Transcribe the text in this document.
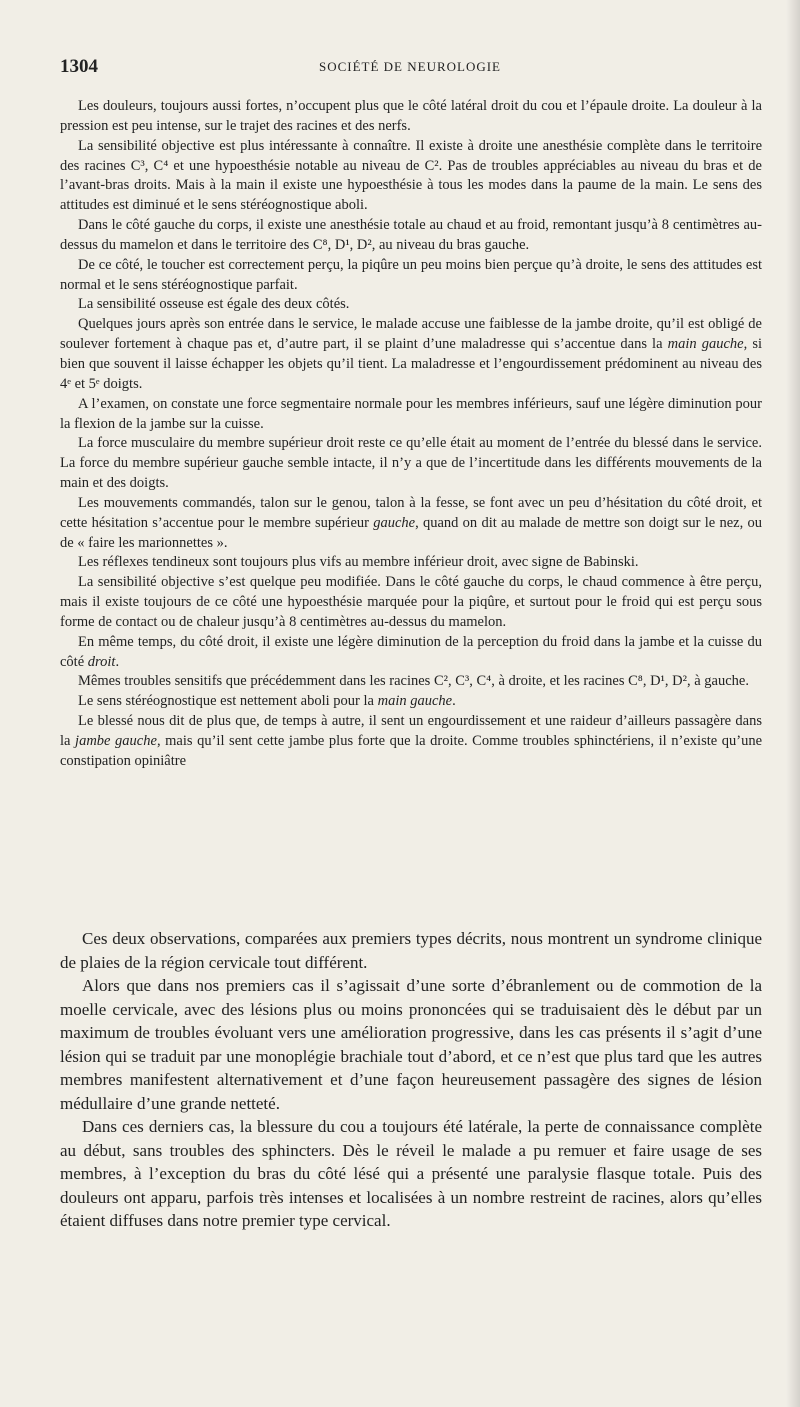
1304	SOCIÉTÉ DE NEUROLOGIE

Les douleurs, toujours aussi fortes, n’occupent plus que le côté latéral droit du cou et l’épaule droite. La douleur à la pression est peu intense, sur le trajet des racines et des nerfs.

La sensibilité objective est plus intéressante à connaître. Il existe à droite une anesthésie complète dans le territoire des racines C³, C⁴ et une hypoesthésie notable au niveau de C². Pas de troubles appréciables au niveau du bras et de l’avant-bras droits. Mais à la main il existe une hypoesthésie à tous les modes dans la paume de la main. Le sens des attitudes est diminué et le sens stéréognostique aboli.

Dans le côté gauche du corps, il existe une anesthésie totale au chaud et au froid, remontant jusqu’à 8 centimètres au-dessus du mamelon et dans le territoire des C⁸, D¹, D², au niveau du bras gauche.

De ce côté, le toucher est correctement perçu, la piqûre un peu moins bien perçue qu’à droite, le sens des attitudes est normal et le sens stéréognostique parfait.

La sensibilité osseuse est égale des deux côtés.

Quelques jours après son entrée dans le service, le malade accuse une faiblesse de la jambe droite, qu’il est obligé de soulever fortement à chaque pas et, d’autre part, il se plaint d’une maladresse qui s’accentue dans la main gauche, si bien que souvent il laisse échapper les objets qu’il tient. La maladresse et l’engourdissement prédominent au niveau des 4ᵉ et 5ᵉ doigts.

A l’examen, on constate une force segmentaire normale pour les membres inférieurs, sauf une légère diminution pour la flexion de la jambe sur la cuisse.

La force musculaire du membre supérieur droit reste ce qu’elle était au moment de l’entrée du blessé dans le service. La force du membre supérieur gauche semble intacte, il n’y a que de l’incertitude dans les différents mouvements de la main et des doigts.

Les mouvements commandés, talon sur le genou, talon à la fesse, se font avec un peu d’hésitation du côté droit, et cette hésitation s’accentue pour le membre supérieur gauche, quand on dit au malade de mettre son doigt sur le nez, ou de « faire les marionnettes ».

Les réflexes tendineux sont toujours plus vifs au membre inférieur droit, avec signe de Babinski.

La sensibilité objective s’est quelque peu modifiée. Dans le côté gauche du corps, le chaud commence à être perçu, mais il existe toujours de ce côté une hypoesthésie marquée pour la piqûre, et surtout pour le froid qui est perçu sous forme de contact ou de chaleur jusqu’à 8 centimètres au-dessus du mamelon.

En même temps, du côté droit, il existe une légère diminution de la perception du froid dans la jambe et la cuisse du côté droit.

Mêmes troubles sensitifs que précédemment dans les racines C², C³, C⁴, à droite, et les racines C⁸, D¹, D², à gauche.

Le sens stéréognostique est nettement aboli pour la main gauche.

Le blessé nous dit de plus que, de temps à autre, il sent un engourdissement et une raideur d’ailleurs passagère dans la jambe gauche, mais qu’il sent cette jambe plus forte que la droite. Comme troubles sphinctériens, il n’existe qu’une constipation opiniâtre

Ces deux observations, comparées aux premiers types décrits, nous montrent un syndrome clinique de plaies de la région cervicale tout différent.

Alors que dans nos premiers cas il s’agissait d’une sorte d’ébranlement ou de commotion de la moelle cervicale, avec des lésions plus ou moins prononcées qui se traduisaient dès le début par un maximum de troubles évoluant vers une amélioration progressive, dans les cas présents il s’agit d’une lésion qui se traduit par une monoplégie brachiale tout d’abord, et ce n’est que plus tard que les autres membres manifestent alternativement et d’une façon heureusement passagère des signes de lésion médullaire d’une grande netteté.

Dans ces derniers cas, la blessure du cou a toujours été latérale, la perte de connaissance complète au début, sans troubles des sphincters. Dès le réveil le malade a pu remuer et faire usage de ses membres, à l’exception du bras du côté lésé qui a présenté une paralysie flasque totale. Puis des douleurs ont apparu, parfois très intenses et localisées à un nombre restreint de racines, alors qu’elles étaient diffuses dans notre premier type cervical.
